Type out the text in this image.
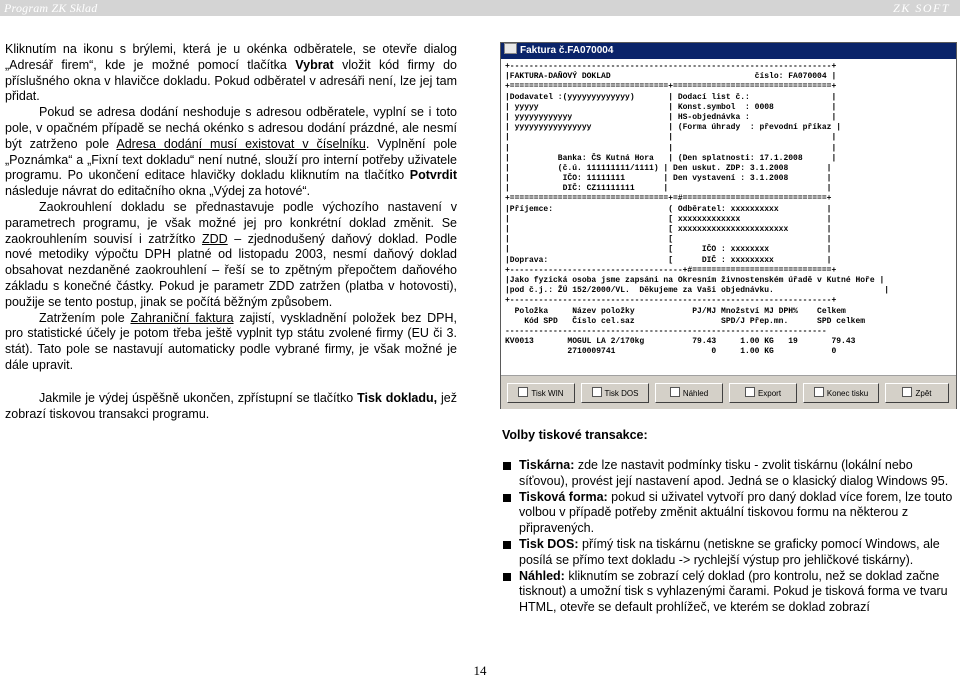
Program ZK Sklad	ZK SOFT

Kliknutím na ikonu s brýlemi, která je u okénka odběratele, se otevře dialog „Adresář firem“, kde je možné pomocí tlačítka Vybrat vložit kód firmy do příslušného okna v hlavičce dokladu. Pokud odběratel v adresáři není, lze jej tam přidat.

Pokud se adresa dodání neshoduje s adresou odběratele, vyplní se i toto pole, v opačném případě se nechá okénko s adresou dodání prázdné, ale nesmí být zatrženo pole Adresa dodání musí existovat v číselníku. Vyplnění pole „Poznámka“ a „Fixní text dokladu“ není nutné, slouží pro interní potřeby uživatele programu. Po ukončení editace hlavičky dokladu kliknutím na tlačítko Potvrdit následuje návrat do editačního okna „Výdej za hotové“.

Zaokrouhlení dokladu se přednastavuje podle výchozího nastavení v parametrech programu, je však možné jej pro konkrétní doklad změnit. Se zaokrouhlením souvisí i zatržítko ZDD – zjednodušený daňový doklad. Podle nové metodiky výpočtu DPH platné od listopadu 2003, nesmí daňový doklad obsahovat nezdaněné zaokrouhlení – řeší se to zpětným přepočtem daňového základu s konečné částky. Pokud je parametr ZDD zatržen (platba v hotovosti), použije se tento postup, jinak se počítá běžným způsobem.

Zatržením pole Zahraniční faktura zajistí, vyskladnění položek bez DPH, pro statistické účely je potom třeba ještě vyplnit typ státu zvolené firmy (EU či 3. stát). Tato pole se nastavují automaticky podle vybrané firmy, je však možné je dále upravit.

Jakmile je výdej úspěšně ukončen, zpřístupní se tlačítko Tisk dokladu, jež zobrazí tiskovou transakci programu.

Faktura č.FA070004
+-------------------------------------------------------------------+
|FAKTURA-DAŇOVÝ DOKLAD                              číslo: FA070004 |
+=================================+=================================+
|Dodavatel :(yyyyyyyyyyyyy)       | Dodací list č.:                 |
| yyyyy                           | Konst.symbol  : 0008            |
| yyyyyyyyyyyy                    | HS-objednávka :                 |
| yyyyyyyyyyyyyyyy                | (Forma úhrady  : převodní příkaz |
|                                 |                                 |
|                                 |                                 |
|          Banka: ČS Kutná Hora   | (Den splatnosti: 17.1.2008      |
|          (č.ú. 111111111/1111) | Den uskut. ZDP: 3.1.2008        |
|           IČO: 11111111        | Den vystavení : 3.1.2008        |
|           DIČ: CZ11111111      |                                 |
+=================================+=#==============================+
|Příjemce:                        ( Odběratel: xxxxxxxxxx          |
|                                 [ xxxxxxxxxxxxx                  |
|                                 [ xxxxxxxxxxxxxxxxxxxxxxx        |
|                                 [                                |
|                                 [      IČO : xxxxxxxx            |
|Doprava:                         [      DIČ : xxxxxxxxx           |
+------------------------------------+#=============================+
|Jako fyzická osoba jsme zapsáni na Okresním živnostenském úřadě v Kutné Hoře |
|pod č.j.: ŽÚ 152/2000/VL.  Děkujeme za Vaši objednávku.                       |
+-------------------------------------------------------------------+
Položka     Název položky            PJ/MJ Množství MJ DPH%    Celkem
Kód SPD   Číslo cel.saz                  SPD/J Přep.mn.      SPD celkem
-------------------------------------------------------------------
KV0013       MOGUL LA 2/170kg          79.43     1.00 KG   19       79.43
2710009741                    0     1.00 KG            0
Tisk WIN	Tisk DOS	Náhled	Export	Konec tisku	Zpět
Volby tiskové transakce:
Tiskárna: zde lze nastavit podmínky tisku - zvolit tiskárnu (lokální nebo síťovou), provést její nastavení apod. Jedná se o klasický dialog Windows 95.
Tisková forma: pokud si uživatel vytvoří pro daný doklad více forem, lze touto volbou v případě potřeby změnit aktuální tiskovou formu na některou z připravených.
Tisk DOS: přímý tisk na tiskárnu (netiskne se graficky pomocí Windows, ale posílá se přímo text dokladu -> rychlejší výstup pro jehličkové tiskárny).
Náhled: kliknutím se zobrazí celý doklad (pro kontrolu, než se doklad začne tisknout) a umožní tisk s vyhlazenými čarami. Pokud je tisková forma ve tvaru HTML, otevře se default prohlížeč, ve kterém se doklad zobrazí
14
